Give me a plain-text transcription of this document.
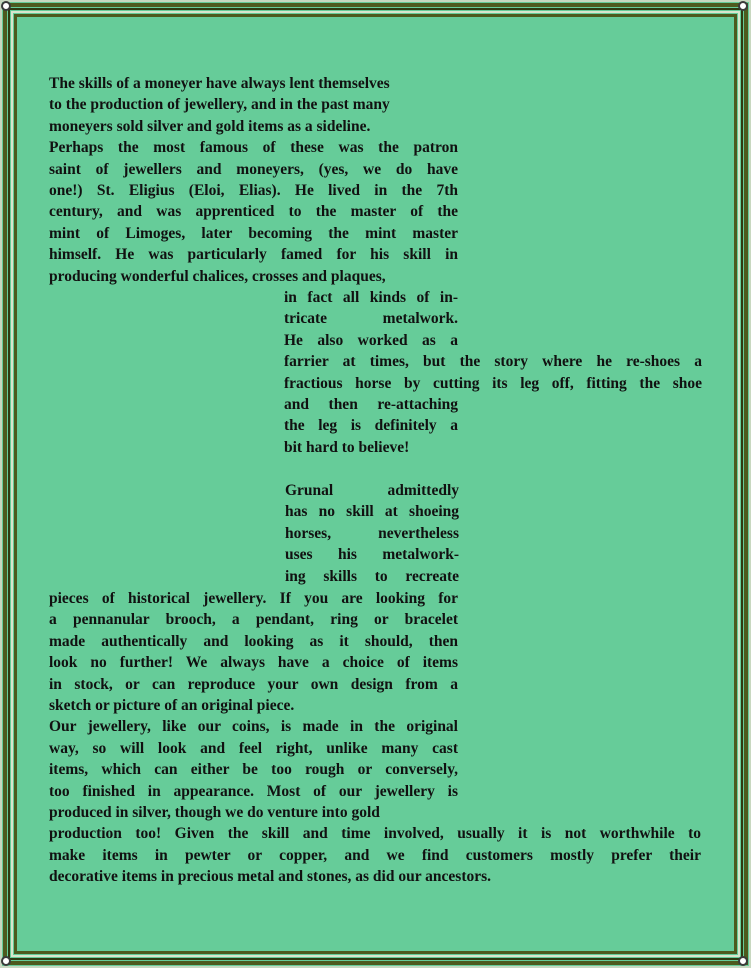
The skills of a moneyer have always lent themselves
to the production of jewellery, and in the past many
moneyers sold silver and gold items as a sideline.
Perhaps the most famous of these was the patron
saint of jewellers and moneyers, (yes, we do have
one!) St. Eligius (Eloi, Elias). He lived in the 7th
century, and was apprenticed to the master of the
mint of Limoges, later becoming the mint master
himself. He was particularly famed for his skill in
producing wonderful chalices, crosses and plaques,
in fact all kinds of in-
tricate metalwork.
He also worked as a
farrier at times, but the story where he re-shoes a
fractious horse by cutting its leg off, fitting the shoe
and then re-attaching
the leg is definitely a
bit hard to believe!
Grunal admittedly
has no skill at shoeing
horses, nevertheless
uses his metalwork-
ing skills to recreate
pieces of historical jewellery. If you are looking for
a pennanular brooch, a pendant, ring or bracelet
made authentically and looking as it should, then
look no further! We always have a choice of items
in stock, or can reproduce your own design from a
sketch or picture of an original piece.
Our jewellery, like our coins, is made in the original
way, so will look and feel right, unlike many cast
items, which can either be too rough or conversely,
too finished in appearance. Most of our jewellery is
produced in silver, though we do venture into gold
production too! Given the skill and time involved, usually it is not worthwhile to
make items in pewter or copper, and we find customers mostly prefer their
decorative items in precious metal and stones, as did our ancestors.
